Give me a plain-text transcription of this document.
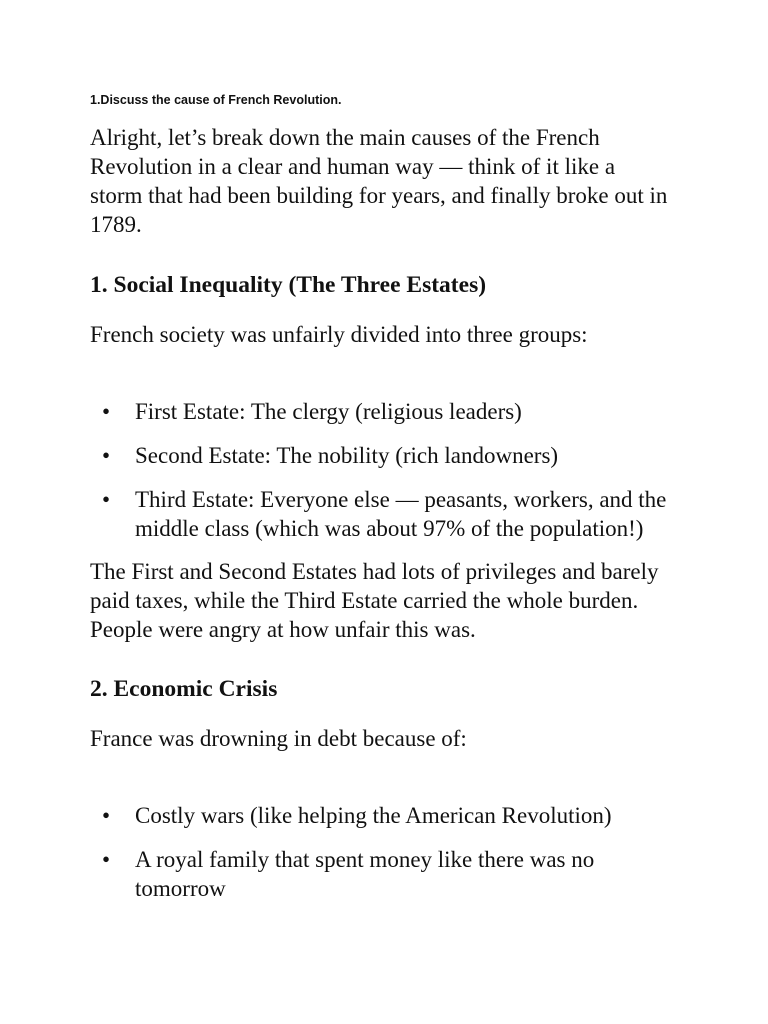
1.Discuss the cause of French Revolution.

Alright, let’s break down the main causes of the French Revolution in a clear and human way — think of it like a storm that had been building for years, and finally broke out in 1789.

1. Social Inequality (The Three Estates)

French society was unfairly divided into three groups:

• First Estate: The clergy (religious leaders)
• Second Estate: The nobility (rich landowners)
• Third Estate: Everyone else — peasants, workers, and the middle class (which was about 97% of the population!)

The First and Second Estates had lots of privileges and barely paid taxes, while the Third Estate carried the whole burden. People were angry at how unfair this was.

2. Economic Crisis

France was drowning in debt because of:

• Costly wars (like helping the American Revolution)
• A royal family that spent money like there was no tomorrow
